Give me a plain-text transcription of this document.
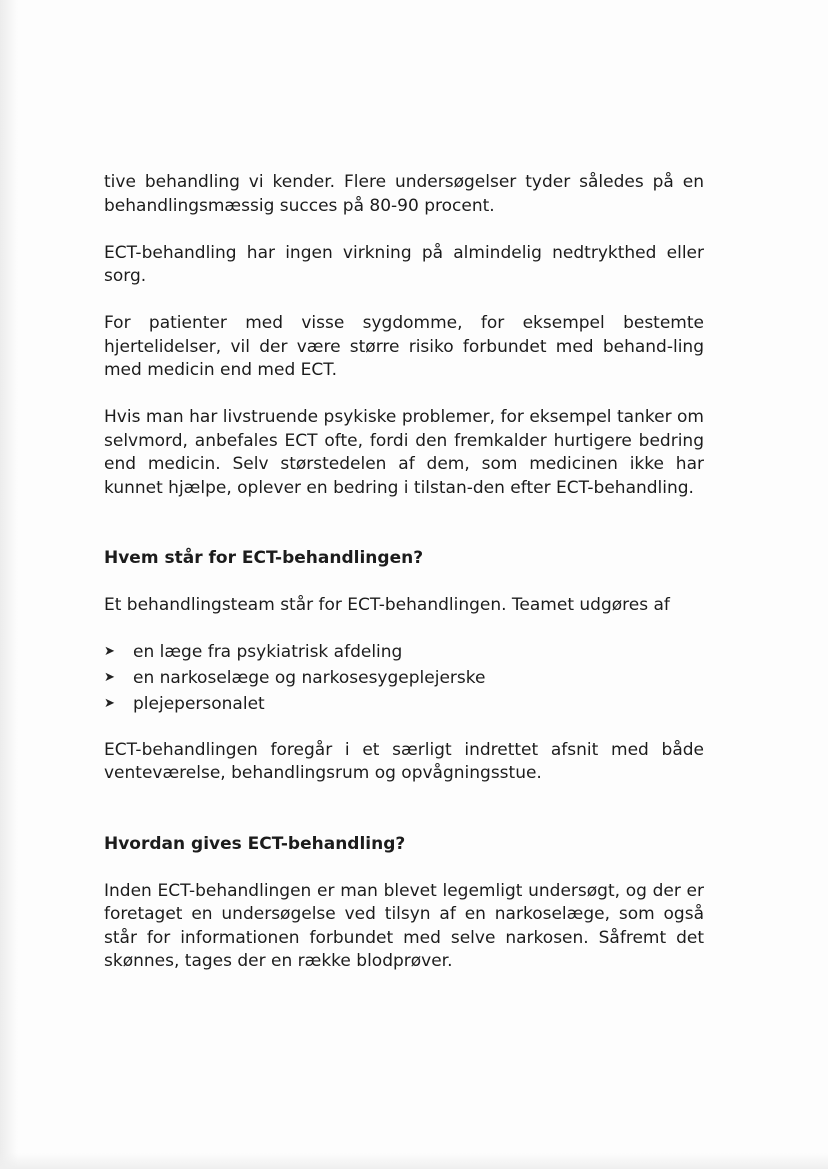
tive behandling vi kender. Flere undersøgelser tyder således på en behandlingsmæssig succes på 80-90 procent.

ECT-behandling har ingen virkning på almindelig nedtrykthed eller sorg.

For patienter med visse sygdomme, for eksempel bestemte hjertelidelser, vil der være større risiko forbundet med behand-ling med medicin end med ECT.

Hvis man har livstruende psykiske problemer, for eksempel tanker om selvmord, anbefales ECT ofte, fordi den fremkalder hurtigere bedring end medicin. Selv størstedelen af dem, som medicinen ikke har kunnet hjælpe, oplever en bedring i tilstan-den efter ECT-behandling.

Hvem står for ECT-behandlingen?

Et behandlingsteam står for ECT-behandlingen. Teamet udgøres af

➤ en læge fra psykiatrisk afdeling
➤ en narkoselæge og narkosesygeplejerske
➤ plejepersonalet

ECT-behandlingen foregår i et særligt indrettet afsnit med både venteværelse, behandlingsrum og opvågningsstue.

Hvordan gives ECT-behandling?

Inden ECT-behandlingen er man blevet legemligt undersøgt, og der er foretaget en undersøgelse ved tilsyn af en narkoselæge, som også står for informationen forbundet med selve narkosen. Såfremt det skønnes, tages der en række blodprøver.
